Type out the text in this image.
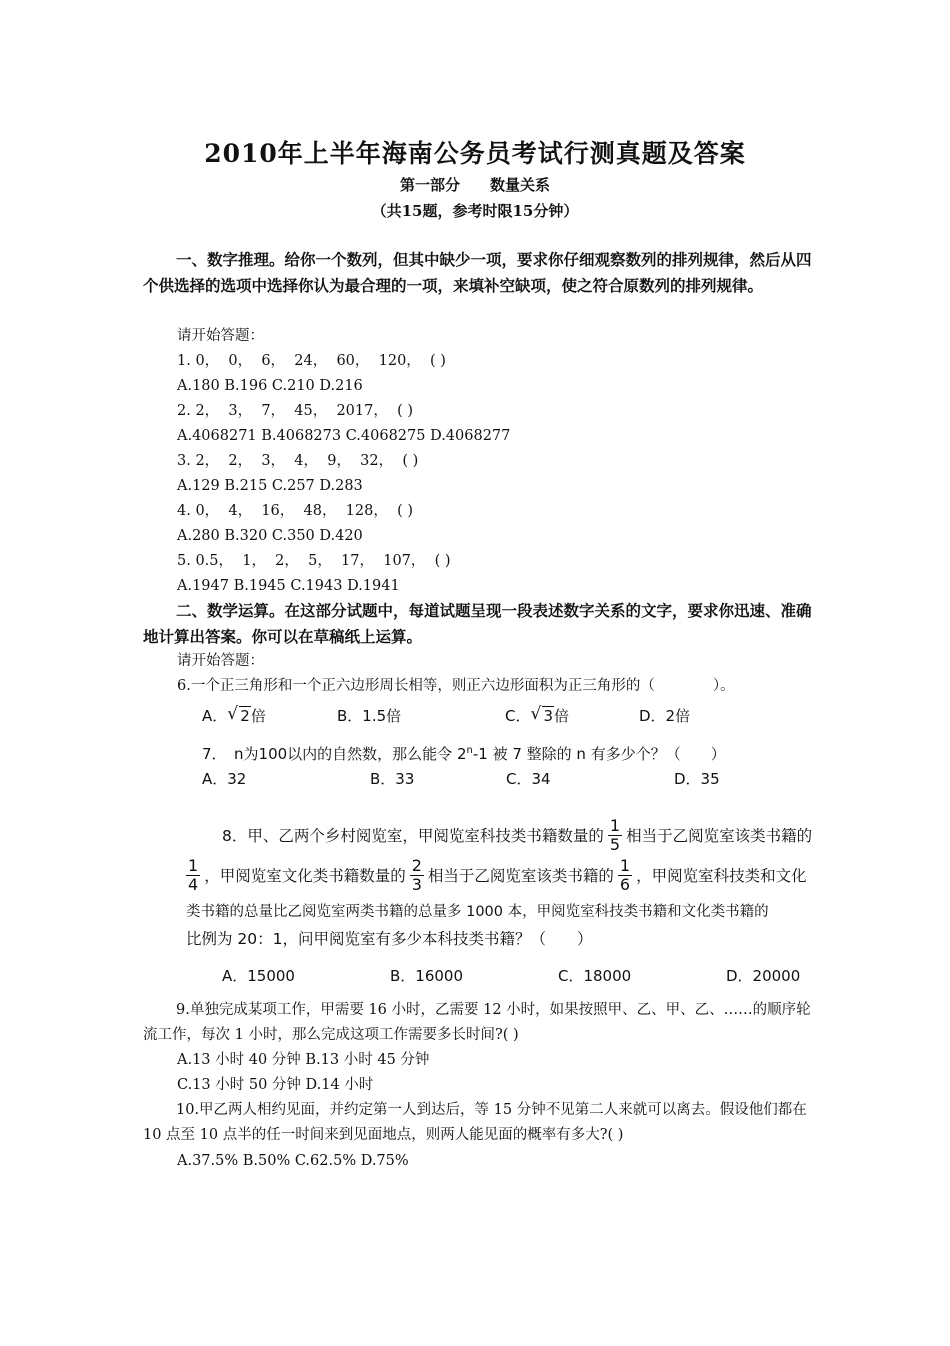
2010年上半年海南公务员考试行测真题及答案
第一部分　　数量关系
（共15题，参考时限15分钟）
一、数字推理。给你一个数列，但其中缺少一项，要求你仔细观察数列的排列规律，然后从四个供选择的选项中选择你认为最合理的一项，来填补空缺项，使之符合原数列的排列规律。
请开始答题：
1. 0，  0，  6，  24，  60，  120，  ( )
A.180 B.196 C.210 D.216
2. 2，  3，  7，  45，  2017，  ( )
A.4068271 B.4068273 C.4068275 D.4068277
3. 2，  2，  3，  4，  9，  32，  ( )
A.129 B.215 C.257 D.283
4. 0，  4，  16，  48，  128，  ( )
A.280 B.320 C.350 D.420
5. 0.5，  1，  2，  5，  17，  107，  ( )
A.1947 B.1945 C.1943 D.1941
二、数学运算。在这部分试题中，每道试题呈现一段表述数字关系的文字，要求你迅速、准确地计算出答案。你可以在草稿纸上运算。
请开始答题：
6.一个正三角形和一个正六边形周长相等，则正六边形面积为正三角形的（　　　　）。
A． √ 2倍	B．1.5倍	C． √ 3倍	D．2倍
7．　n为100以内的自然数，那么能令 2$^n$-1 被 7 整除的 n 有多少个？（　　）
A．32	B．33	C．34	D．35
8．甲、乙两个乡村阅览室，甲阅览室科技类书籍数量的 $\frac{1}{5}$ 相当于乙阅览室该类书籍的
$\frac{1}{4}$ ，甲阅览室文化类书籍数量的 $\frac{2}{3}$ 相当于乙阅览室该类书籍的 $\frac{1}{6}$ ，甲阅览室科技类和文化
类书籍的总量比乙阅览室两类书籍的总量多 1000 本，甲阅览室科技类书籍和文化类书籍的
比例为 20：1，问甲阅览室有多少本科技类书籍？（　　）
A．15000	B．16000	C．18000	D．20000
9.单独完成某项工作，甲需要 16 小时，乙需要 12 小时，如果按照甲、乙、甲、乙、……的顺序轮流工作，每次 1 小时，那么完成这项工作需要多长时间?( )
A.13 小时 40 分钟 B.13 小时 45 分钟
C.13 小时 50 分钟 D.14 小时
10.甲乙两人相约见面，并约定第一人到达后，等 15 分钟不见第二人来就可以离去。假设他们都在 10 点至 10 点半的任一时间来到见面地点，则两人能见面的概率有多大?( )
A.37.5% B.50% C.62.5% D.75%
